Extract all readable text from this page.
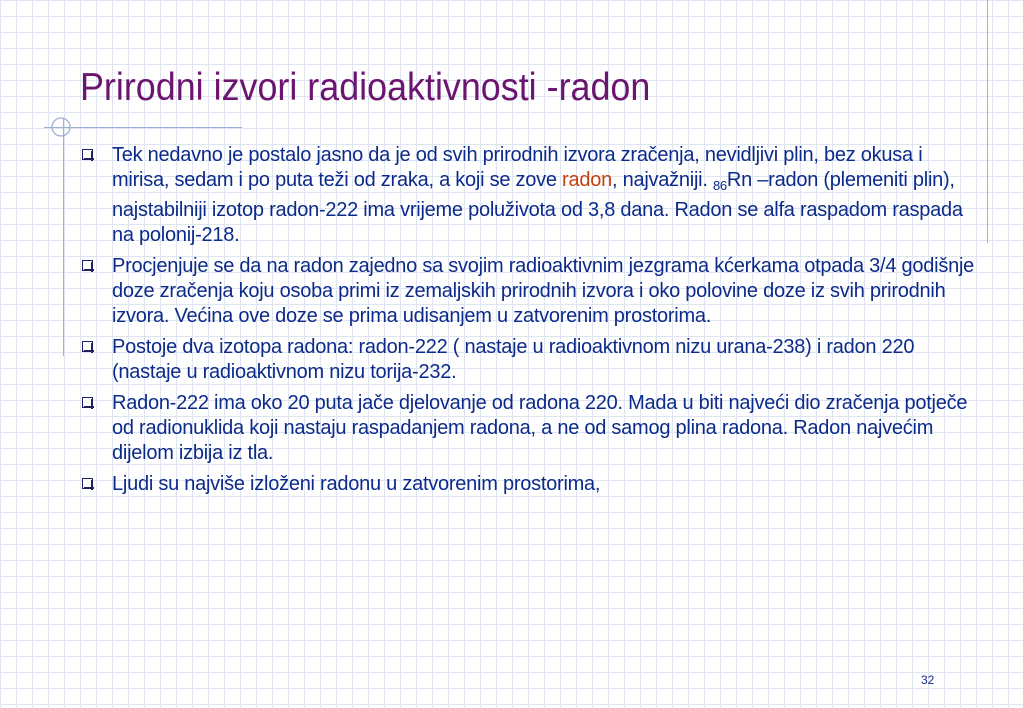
Prirodni izvori radioaktivnosti -radon

Tek nedavno je postalo jasno da je od svih prirodnih izvora zračenja, nevidljivi plin, bez okusa i mirisa, sedam i po puta teži od zraka, a koji se zove radon, najvažniji. $_{86}$Rn –radon (plemeniti plin), najstabilniji izotop radon-222 ima vrijeme poluživota od 3,8 dana. Radon se alfa raspadom raspada na polonij-218.

Procjenjuje se da na radon zajedno sa svojim radioaktivnim jezgrama kćerkama otpada 3/4 godišnje doze zračenja koju osoba primi iz zemaljskih prirodnih izvora i oko polovine doze iz svih prirodnih izvora. Većina ove doze se prima udisanjem u zatvorenim prostorima.

Postoje dva izotopa radona: radon-222 ( nastaje u radioaktivnom nizu urana-238) i radon 220 (nastaje u radioaktivnom nizu torija-232.

Radon-222 ima oko 20 puta jače djelovanje od radona 220. Mada u biti najveći dio zračenja potječe od radionuklida koji nastaju raspadanjem radona, a ne od samog plina radona. Radon najvećim dijelom izbija iz tla.

Ljudi su najviše izloženi radonu u zatvorenim prostorima,

32
